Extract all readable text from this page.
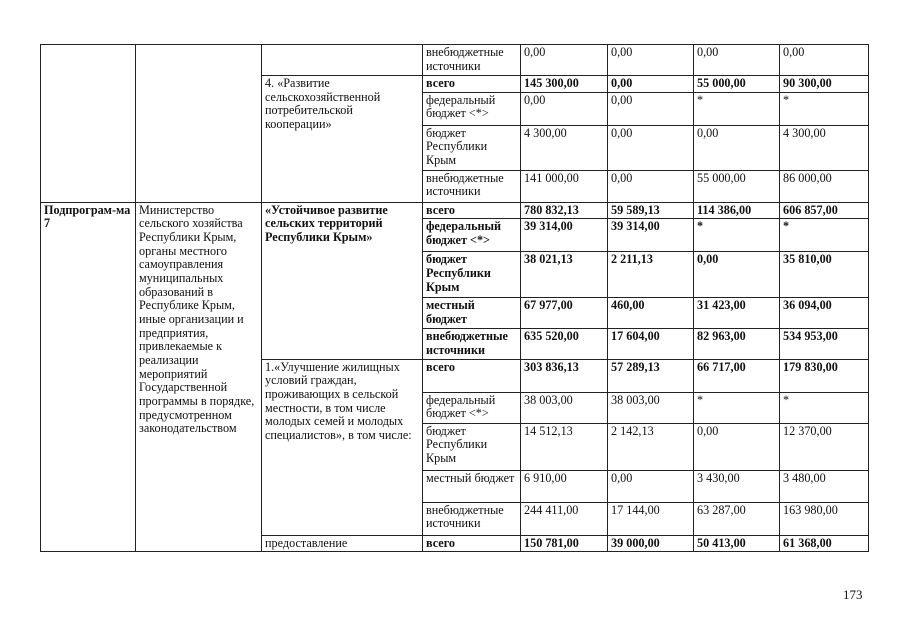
			внебюджетные источники	0,00	0,00	0,00	0,00
		4. «Развитие сельскохозяйственной потребительской кооперации»	всего	145 300,00	0,00	55 000,00	90 300,00
			федеральный бюджет <*>	0,00	0,00	*	*
			бюджет Республики Крым	4 300,00	0,00	0,00	4 300,00
			внебюджетные источники	141 000,00	0,00	55 000,00	86 000,00
Подпрограм-ма 7	Министерство сельского хозяйства Республики Крым, органы местного самоуправления муниципальных образований в Республике Крым, иные организации и предприятия, привлекаемые к реализации мероприятий Государственной программы в порядке, предусмотренном законодательством	«Устойчивое развитие сельских территорий Республики Крым»	всего	780 832,13	59 589,13	114 386,00	606 857,00
			федеральный бюджет <*>	39 314,00	39 314,00	*	*
			бюджет Республики Крым	38 021,13	2 211,13	0,00	35 810,00
			местный бюджет	67 977,00	460,00	31 423,00	36 094,00
			внебюджетные источники	635 520,00	17 604,00	82 963,00	534 953,00
		1.«Улучшение жилищных условий граждан, проживающих в сельской местности, в том числе молодых семей и молодых специалистов», в том числе:	всего	303 836,13	57 289,13	66 717,00	179 830,00
			федеральный бюджет <*>	38 003,00	38 003,00	*	*
			бюджет Республики Крым	14 512,13	2 142,13	0,00	12 370,00
			местный бюджет	6 910,00	0,00	3 430,00	3 480,00
			внебюджетные источники	244 411,00	17 144,00	63 287,00	163 980,00
		предоставление	всего	150 781,00	39 000,00	50 413,00	61 368,00
173
